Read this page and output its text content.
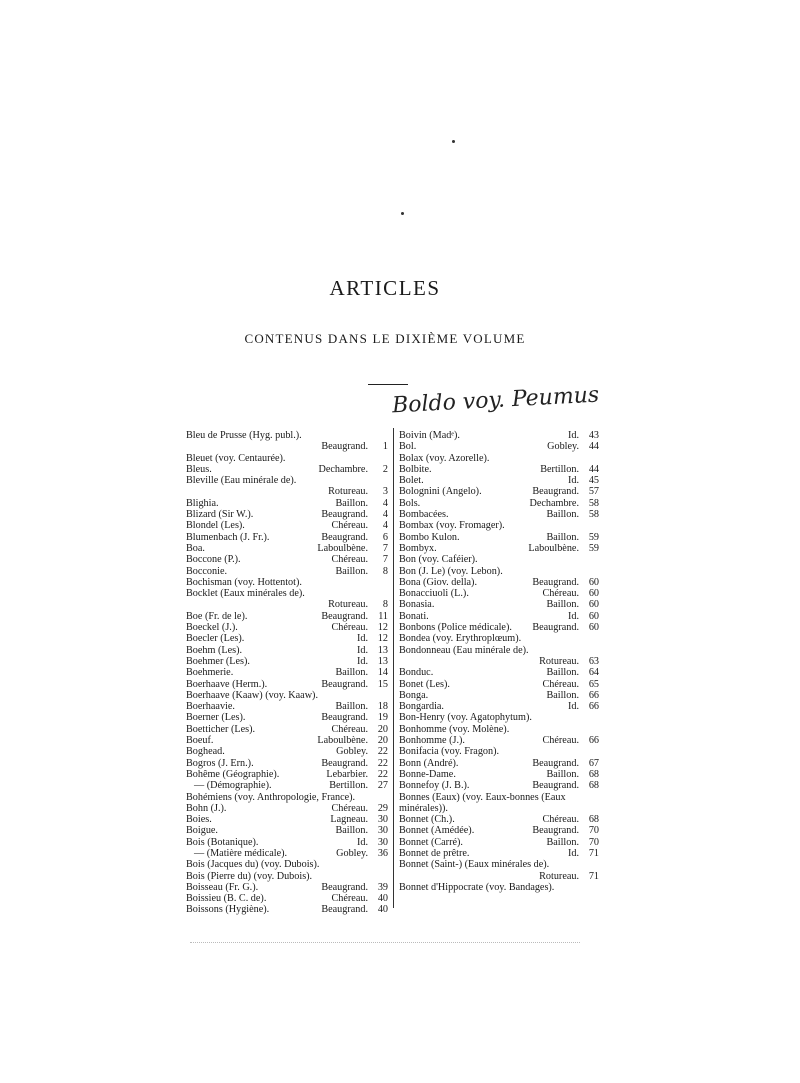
ARTICLES
CONTENUS DANS LE DIXIÈME VOLUME
Boldo voy. Peumus
Bleu de Prusse (Hyg. publ.).
Beaugrand. 1
Bleuet (voy. Centaurée).
Dechambre. 2
Bleus.
Bleville (Eau minérale de).
Rotureau. 3
Baillon. 4
Blighia.
Beaugrand. 4
Blizard (Sir W.).
Chéreau. 4
Blondel (Les).
Beaugrand. 6
Blumenbach (J. Fr.).
Laboulbène. 7
Boa.
Chéreau. 7
Boccone (P.).
Baillon. 8
Bocconie.
Bochisman (voy. Hottentot).
Bocklet (Eaux minérales de).
Rotureau. 8
Beaugrand. 11
Boe (Fr. de le).
Chéreau. 12
Boeckel (J.).
Id. 12
Boecler (Les).
Id. 13
Boehm (Les).
Id. 13
Boehmer (Les).
Baillon. 14
Boehmerie.
Beaugrand. 15
Boerhaave (Herm.).
Boerhaave (Kaaw) (voy. Kaaw).
Baillon. 18
Boerhaavie.
Beaugrand. 19
Boerner (Les).
Chéreau. 20
Boetticher (Les).
Laboulbène. 20
Boeuf.
Gobley. 22
Boghead.
Beaugrand. 22
Bogros (J. Ern.).
Lebarbier. 22
Bohême (Géographie).
Bertillon. 27
— (Démographie).
Bohémiens (voy. Anthropologie, France).
Chéreau. 29
Bohn (J.).
Lagneau. 30
Boies.
Baillon. 30
Boigue.
Id. 30
Bois (Botanique).
Gobley. 36
— (Matière médicale).
Bois (Jacques du) (voy. Dubois).
Bois (Pierre du) (voy. Dubois).
Beaugrand. 39
Boisseau (Fr. G.).
Chéreau. 40
Boissieu (B. C. de).
Beaugrand. 40
Boissons (Hygiène).
Id. 43
Boivin (Madᵉ).
Gobley. 44
Bol.
Bolax (voy. Azorelle).
Bertillon. 44
Bolbite.
Id. 45
Bolet.
Beaugrand. 57
Bolognini (Angelo).
Dechambre. 58
Bols.
Baillon. 58
Bombacées.
Bombax (voy. Fromager).
Baillon. 59
Bombo Kulon.
Laboulbène. 59
Bombyx.
Bon (voy. Caféier).
Bon (J. Le) (voy. Lebon).
Beaugrand. 60
Bona (Giov. della).
Chéreau. 60
Bonacciuoli (L.).
Baillon. 60
Bonasia.
Id. 60
Bonati.
Beaugrand. 60
Bonbons (Police médicale).
Bondea (voy. Erythroplœum).
Bondonneau (Eau minérale de).
Rotureau. 63
Baillon. 64
Bonduc.
Chéreau. 65
Bonet (Les).
Baillon. 66
Bonga.
Id. 66
Bongardia.
Bon-Henry (voy. Agatophytum).
Bonhomme (voy. Molène).
Chéreau. 66
Bonhomme (J.).
Bonifacia (voy. Fragon).
Beaugrand. 67
Bonn (André).
Baillon. 68
Bonne-Dame.
Beaugrand. 68
Bonnefoy (J. B.).
Bonnes (Eaux) (voy. Eaux-bonnes (Eaux minérales)).
Chéreau. 68
Bonnet (Ch.).
Beaugrand. 70
Bonnet (Amédée).
Baillon. 70
Bonnet (Carré).
Id. 71
Bonnet de prêtre.
Bonnet (Saint-) (Eaux minérales de).
Rotureau. 71
Bonnet d'Hippocrate (voy. Bandages).
